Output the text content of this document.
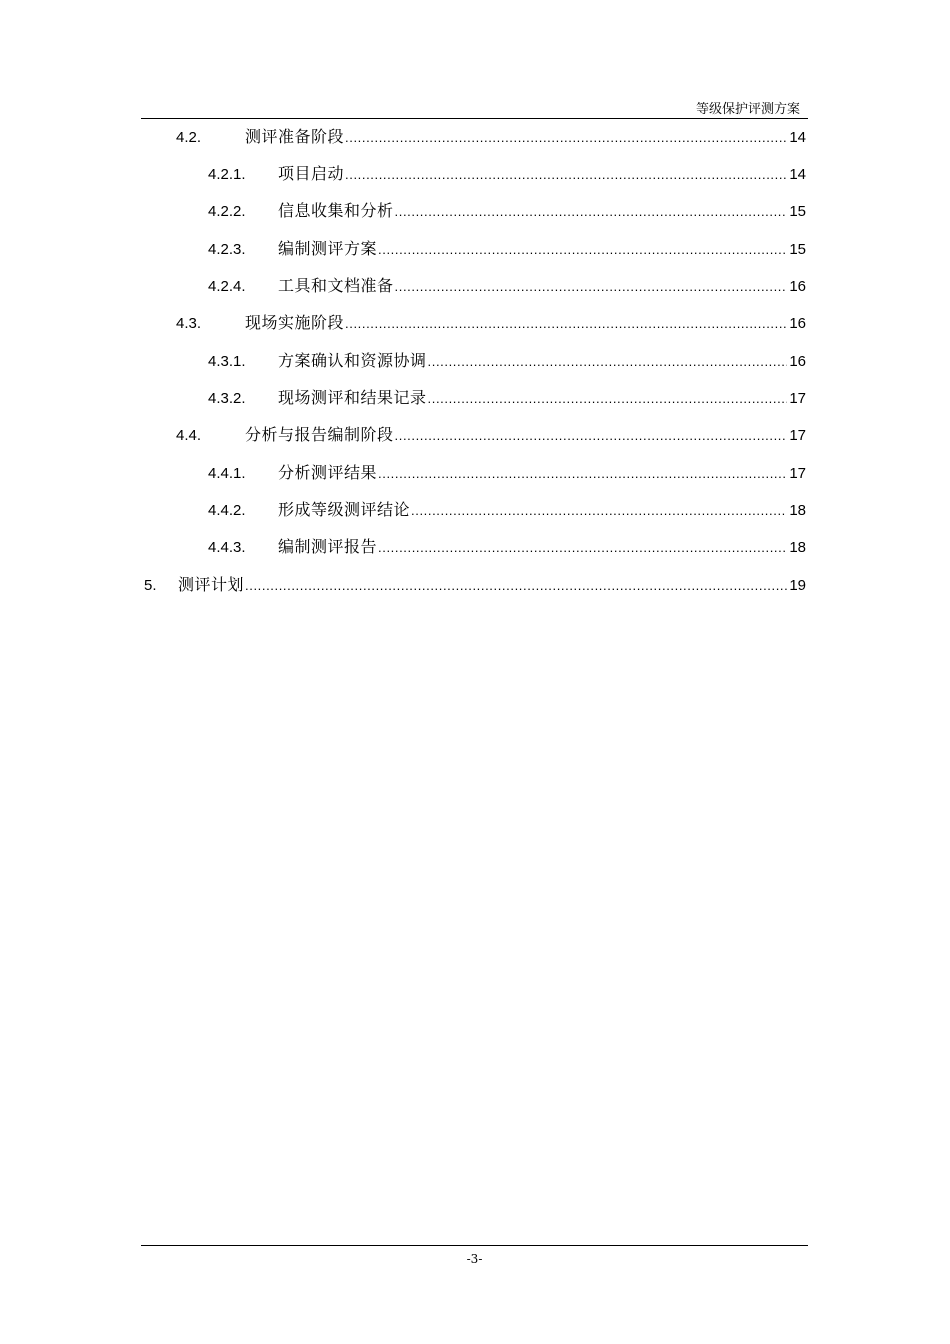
等级保护评测方案
4.2.	测评准备阶段 .....	14
4.2.1.	项目启动 .....	14
4.2.2.	信息收集和分析 .....	15
4.2.3.	编制测评方案 .....	15
4.2.4.	工具和文档准备 .....	16
4.3.	现场实施阶段 .....	16
4.3.1.	方案确认和资源协调 .....	16
4.3.2.	现场测评和结果记录 .....	17
4.4.	分析与报告编制阶段 .....	17
4.4.1.	分析测评结果 .....	17
4.4.2.	形成等级测评结论 .....	18
4.4.3.	编制测评报告 .....	18
5.	测评计划 .....	19
-3-
